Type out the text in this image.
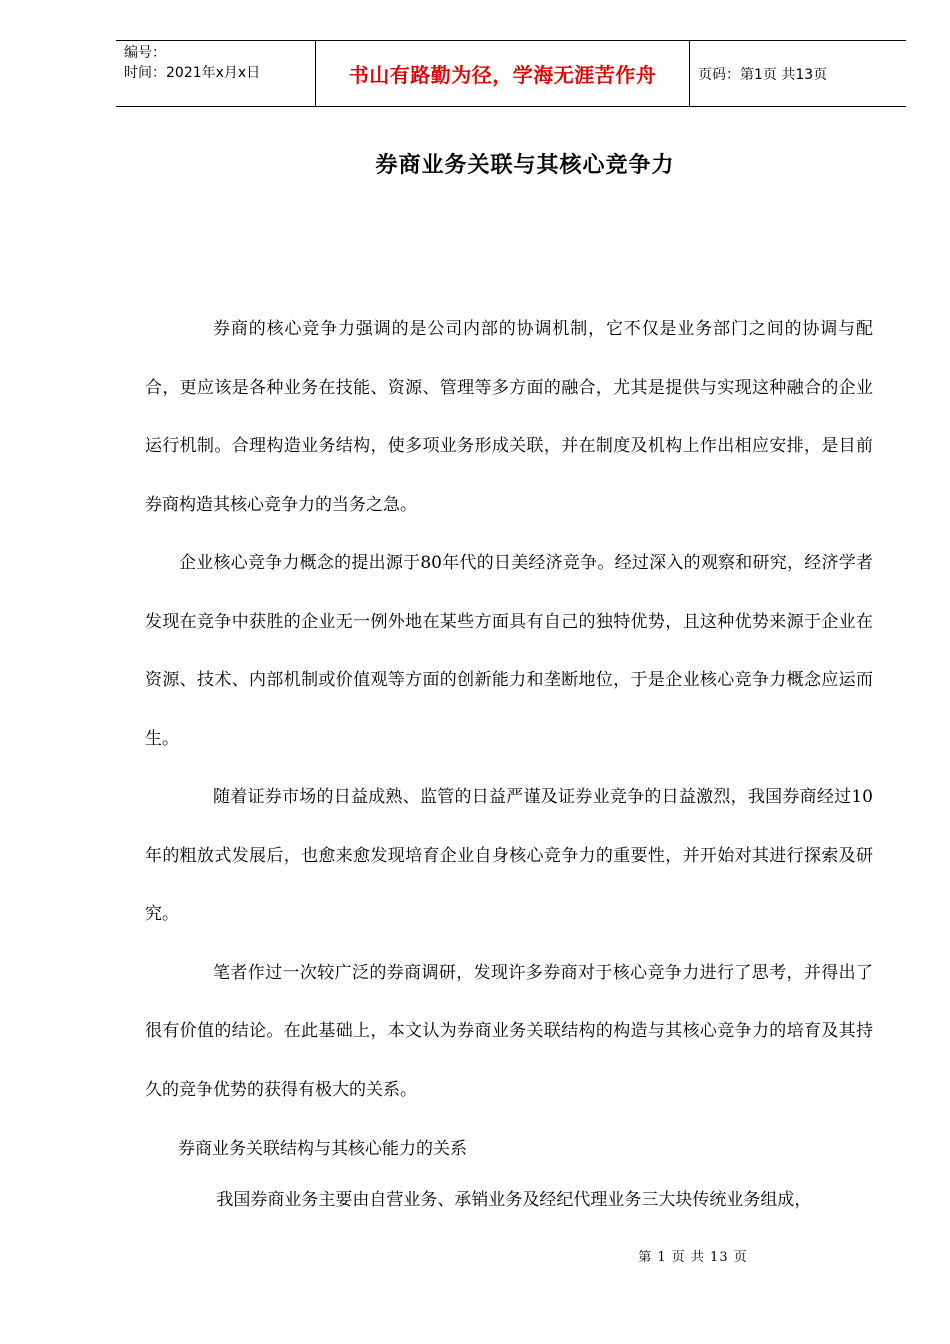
编号：
时间：2021年x月x日	书山有路勤为径，学海无涯苦作舟	页码：第1页 共13页
券商业务关联与其核心竞争力

券商的核心竞争力强调的是公司内部的协调机制，它不仅是业务部门之间的协调与配合，更应该是各种业务在技能、资源、管理等多方面的融合，尤其是提供与实现这种融合的企业运行机制。合理构造业务结构，使多项业务形成关联，并在制度及机构上作出相应安排，是目前券商构造其核心竞争力的当务之急。

企业核心竞争力概念的提出源于80年代的日美经济竞争。经过深入的观察和研究，经济学者发现在竞争中获胜的企业无一例外地在某些方面具有自己的独特优势，且这种优势来源于企业在资源、技术、内部机制或价值观等方面的创新能力和垄断地位，于是企业核心竞争力概念应运而生。

随着证券市场的日益成熟、监管的日益严谨及证券业竞争的日益激烈，我国券商经过10年的粗放式发展后，也愈来愈发现培育企业自身核心竞争力的重要性，并开始对其进行探索及研究。

笔者作过一次较广泛的券商调研，发现许多券商对于核心竞争力进行了思考，并得出了很有价值的结论。在此基础上，本文认为券商业务关联结构的构造与其核心竞争力的培育及其持久的竞争优势的获得有极大的关系。

券商业务关联结构与其核心能力的关系
我国券商业务主要由自营业务、承销业务及经纪代理业务三大块传统业务组成，
第 1 页 共 13 页
